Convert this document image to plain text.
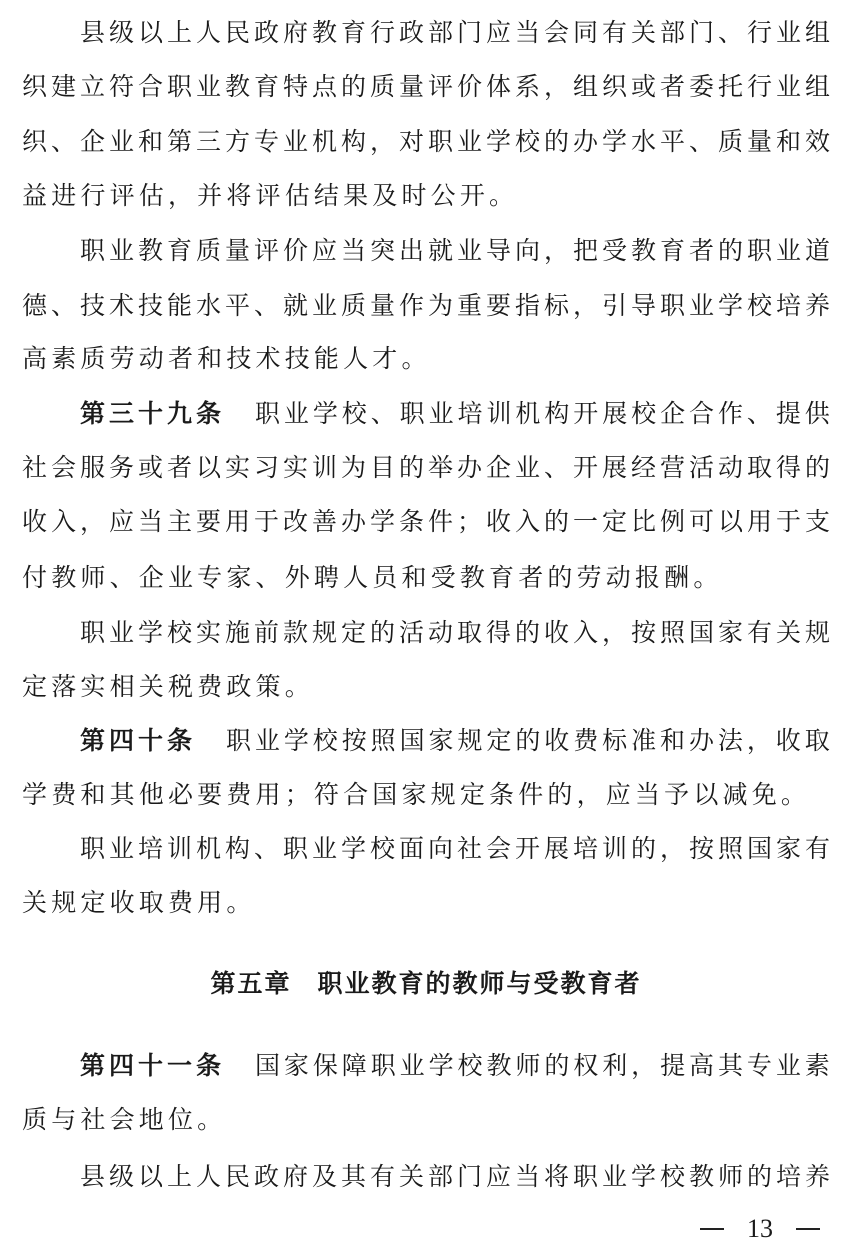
县 级 以 上 人 民 政 府 教 育 行 政 部 门 应 当 会 同 有 关 部 门 、 行 业 组
织 建 立 符 合 职 业 教 育 特 点 的 质 量 评 价 体 系 ， 组 织 或 者 委 托 行 业 组
织 、 企 业 和 第 三 方 专 业 机 构 ， 对 职 业 学 校 的 办 学 水 平 、 质 量 和 效
益 进 行 评 估 ， 并 将 评 估 结 果 及 时 公 开 。
职 业 教 育 质 量 评 价 应 当 突 出 就 业 导 向 ， 把 受 教 育 者 的 职 业 道
德 、 技 术 技 能 水 平 、 就 业 质 量 作 为 重 要 指 标 ， 引 导 职 业 学 校 培 养
高 素 质 劳 动 者 和 技 术 技 能 人 才 。
第三十九条 职 业 学 校 、 职 业 培 训 机 构 开 展 校 企 合 作 、 提 供
社 会 服 务 或 者 以 实 习 实 训 为 目 的 举 办 企 业 、 开 展 经 营 活 动 取 得 的
收 入 ， 应 当 主 要 用 于 改 善 办 学 条 件 ； 收 入 的 一 定 比 例 可 以 用 于 支
付 教 师 、 企 业 专 家 、 外 聘 人 员 和 受 教 育 者 的 劳 动 报 酬 。
职 业 学 校 实 施 前 款 规 定 的 活 动 取 得 的 收 入 ， 按 照 国 家 有 关 规
定 落 实 相 关 税 费 政 策 。
第四十条 职 业 学 校 按 照 国 家 规 定 的 收 费 标 准 和 办 法 ， 收 取
学 费 和 其 他 必 要 费 用 ； 符 合 国 家 规 定 条 件 的 ， 应 当 予 以 减 免 。
职 业 培 训 机 构 、 职 业 学 校 面 向 社 会 开 展 培 训 的 ， 按 照 国 家 有
关 规 定 收 取 费 用 。
第五章 职业教育的教师与受教育者
第四十一条 国 家 保 障 职 业 学 校 教 师 的 权 利 ， 提 高 其 专 业 素
质 与 社 会 地 位 。
县 级 以 上 人 民 政 府 及 其 有 关 部 门 应 当 将 职 业 学 校 教 师 的 培 养
13
